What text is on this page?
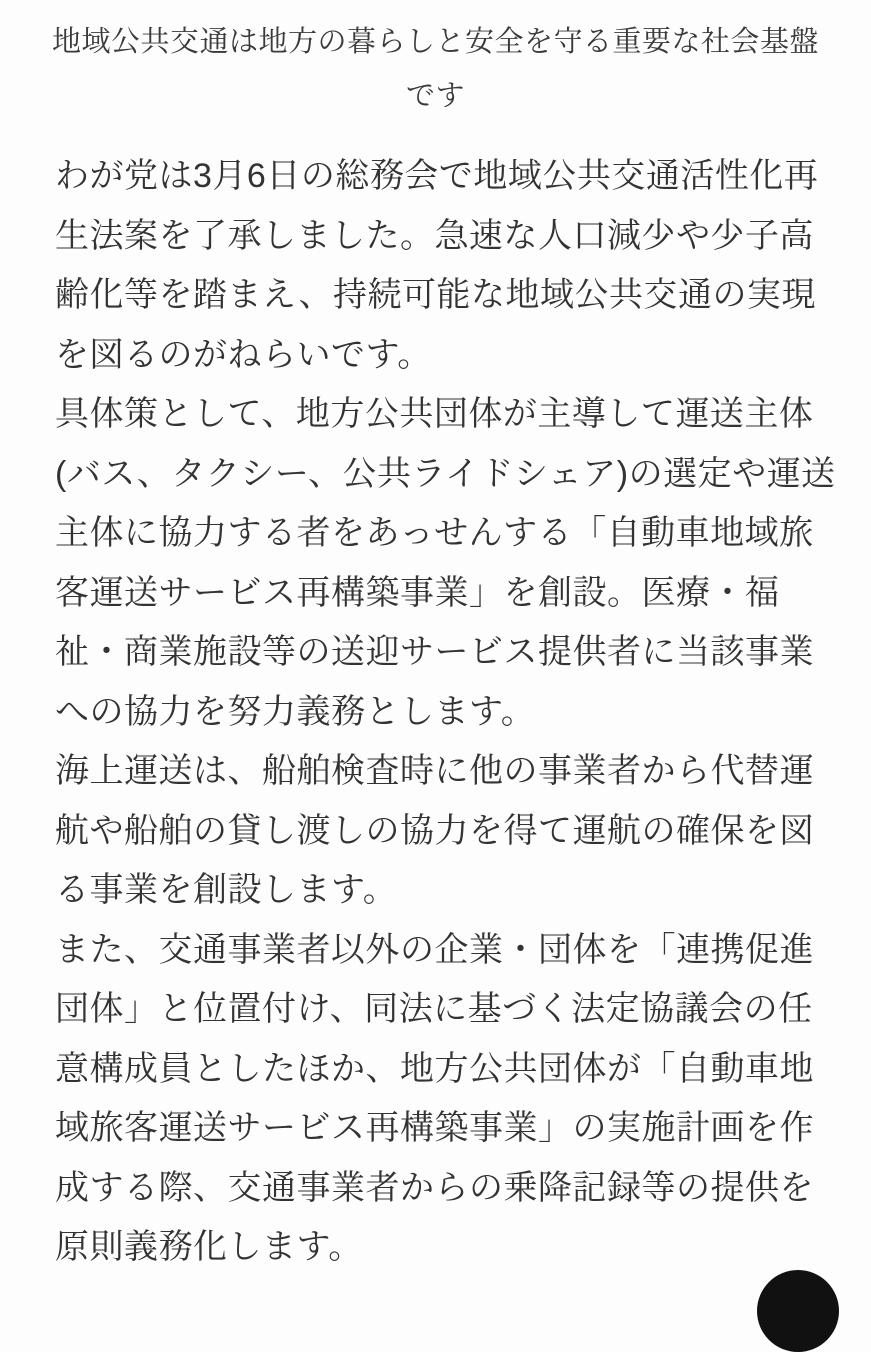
地域公共交通は地方の暮らしと安全を守る重要な社会基盤です

わが党は3月6日の総務会で地域公共交通活性化再生法案を了承しました。急速な人口減少や少子高齢化等を踏まえ、持続可能な地域公共交通の実現を図るのがねらいです。

具体策として、地方公共団体が主導して運送主体(バス、タクシー、公共ライドシェア)の選定や運送主体に協力する者をあっせんする「自動車地域旅客運送サービス再構築事業」を創設。医療・福祉・商業施設等の送迎サービス提供者に当該事業への協力を努力義務とします。

海上運送は、船舶検査時に他の事業者から代替運航や船舶の貸し渡しの協力を得て運航の確保を図る事業を創設します。

また、交通事業者以外の企業・団体を「連携促進団体」と位置付け、同法に基づく法定協議会の任意構成員としたほか、地方公共団体が「自動車地域旅客運送サービス再構築事業」の実施計画を作成する際、交通事業者からの乗降記録等の提供を原則義務化します。
